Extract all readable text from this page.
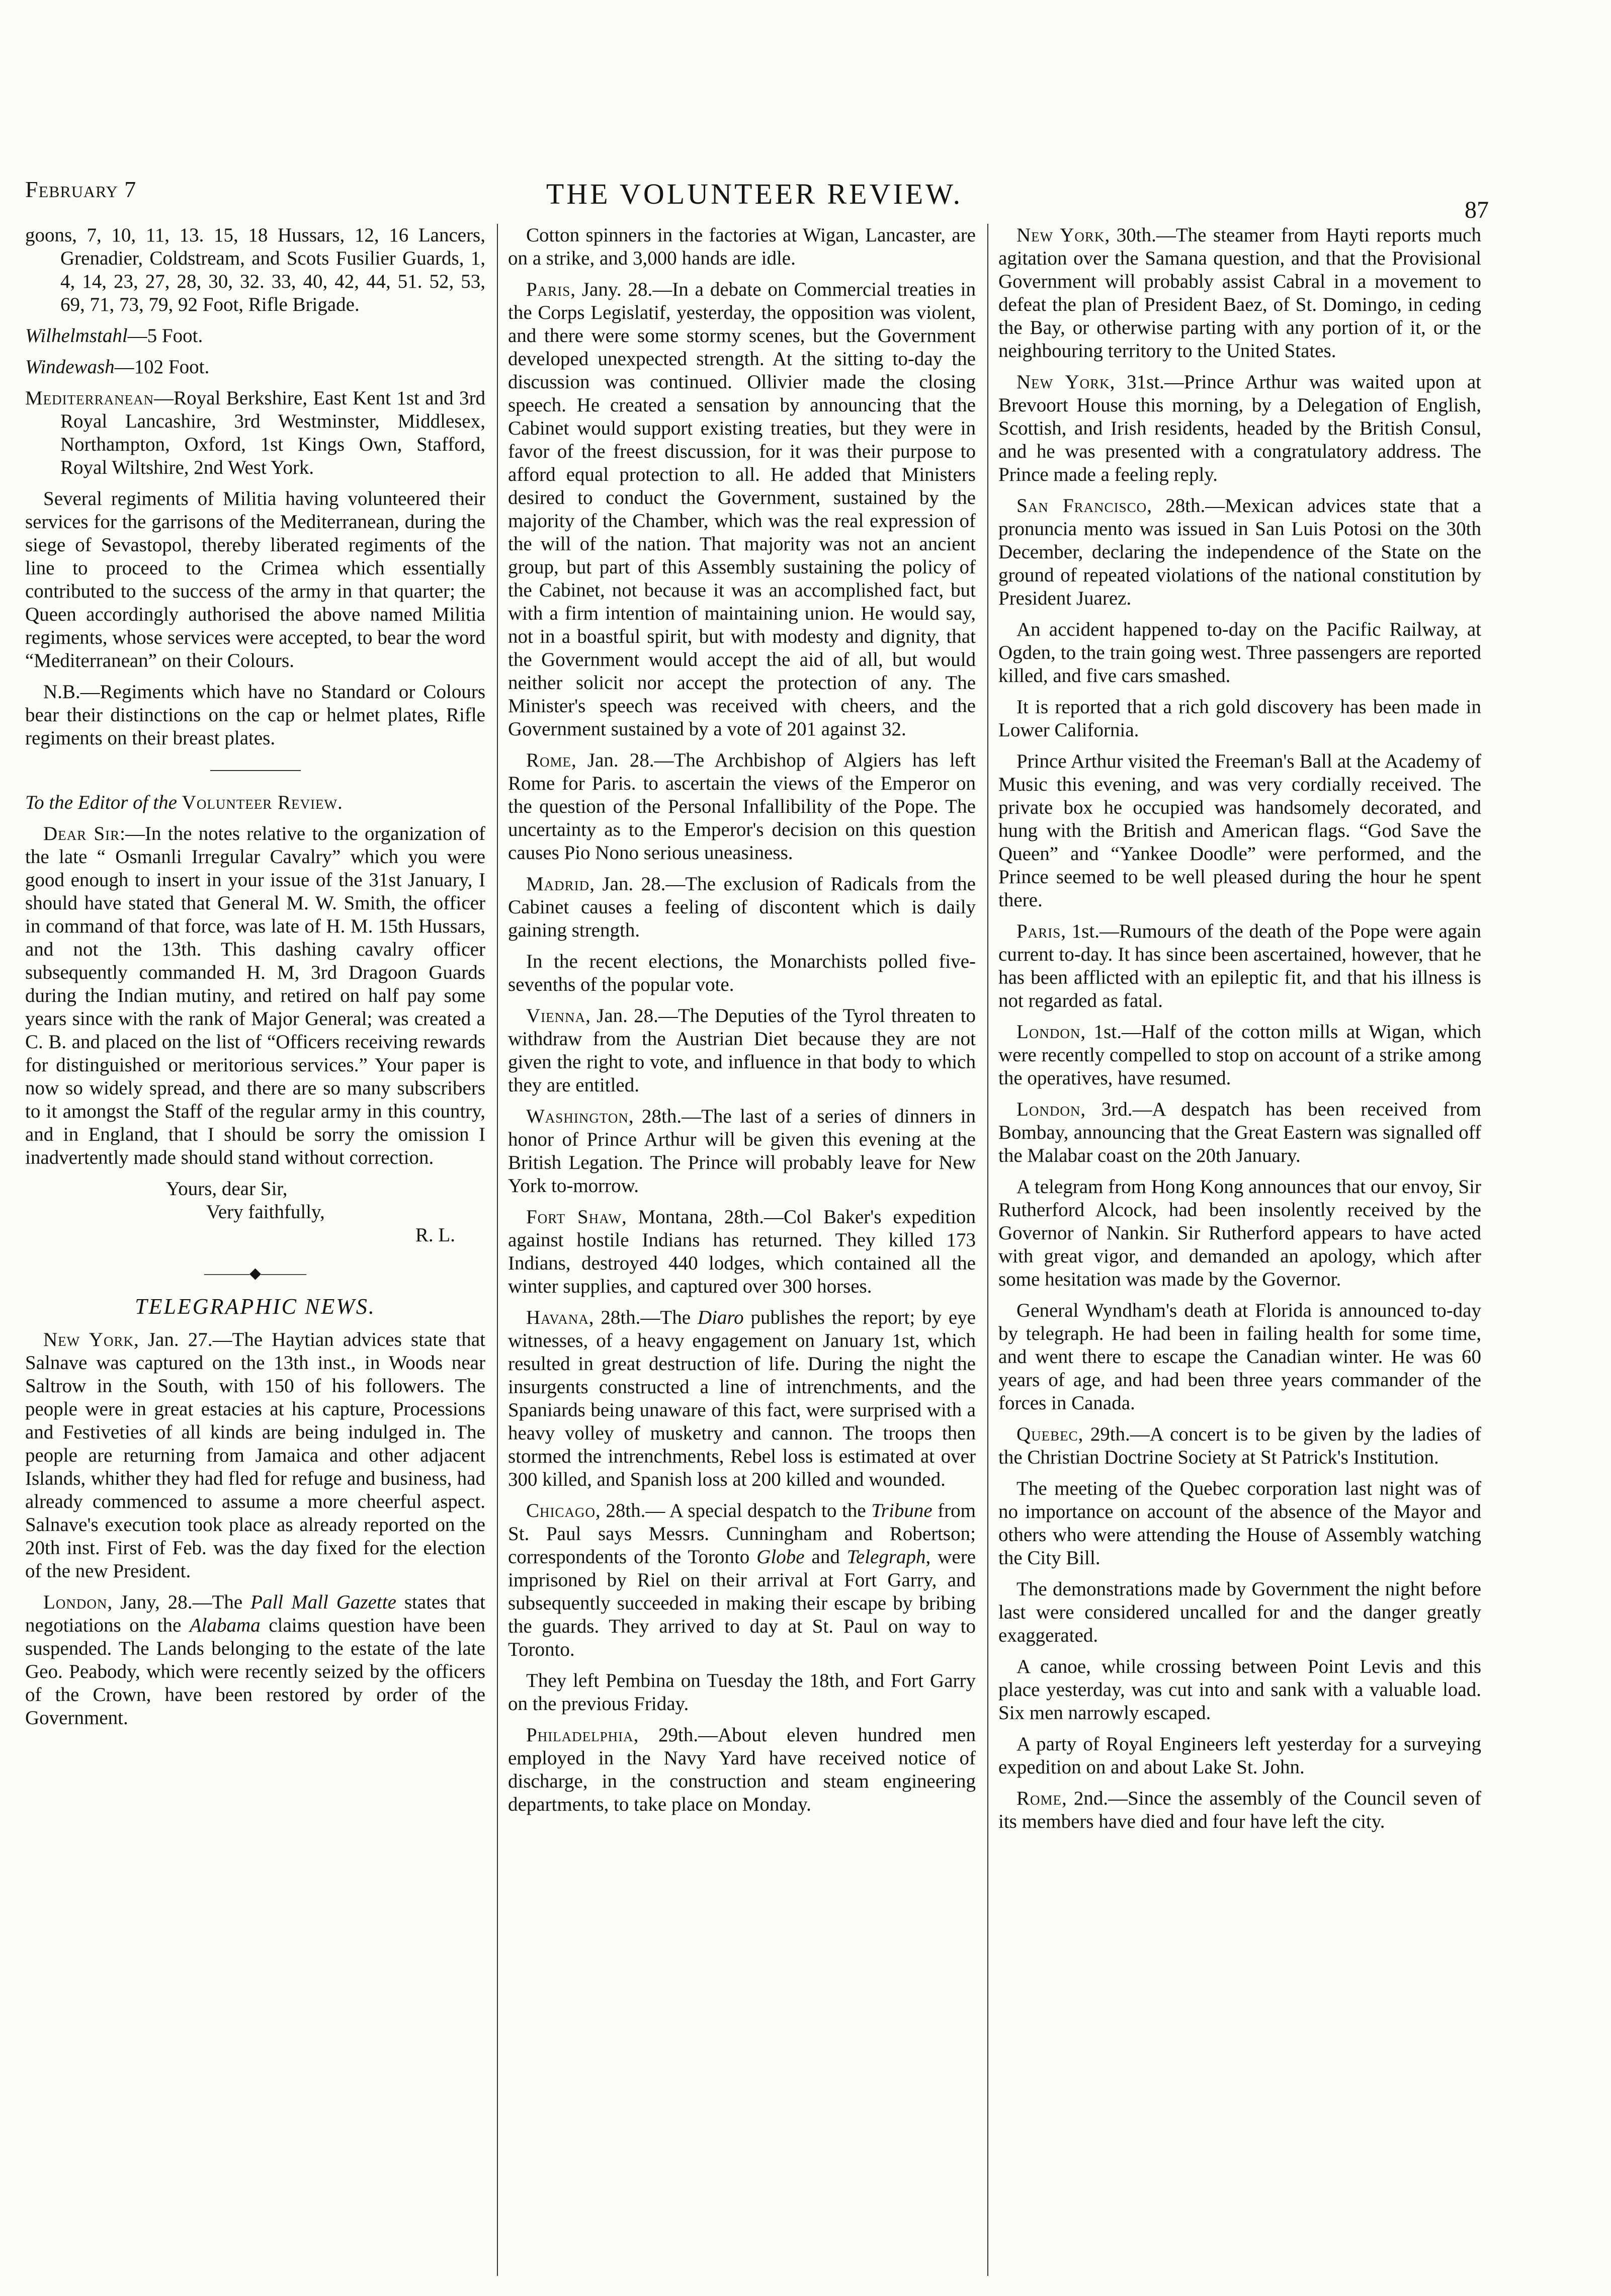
February 7	THE VOLUNTEER REVIEW.	87

goons, 7, 10, 11, 13. 15, 18 Hussars, 12, 16 Lancers, Grenadier, Coldstream, and Scots Fusilier Guards, 1, 4, 14, 23, 27, 28, 30, 32. 33, 40, 42, 44, 51. 52, 53, 69, 71, 73, 79, 92 Foot, Rifle Brigade.

Wilhelmstahl—5 Foot.

Windewash—102 Foot.

Mediterranean—Royal Berkshire, East Kent 1st and 3rd Royal Lancashire, 3rd Westminster, Middlesex, Northampton, Oxford, 1st Kings Own, Stafford, Royal Wiltshire, 2nd West York.

Several regiments of Militia having volunteered their services for the garrisons of the Mediterranean, during the siege of Sevastopol, thereby liberated regiments of the line to proceed to the Crimea which essentially contributed to the success of the army in that quarter; the Queen accordingly authorised the above named Militia regiments, whose services were accepted, to bear the word “Mediterranean” on their Colours.

N.B.—Regiments which have no Standard or Colours bear their distinctions on the cap or helmet plates, Rifle regiments on their breast plates.

To the Editor of the Volunteer Review.

Dear Sir:—In the notes relative to the organization of the late “ Osmanli Irregular Cavalry” which you were good enough to insert in your issue of the 31st January, I should have stated that General M. W. Smith, the officer in command of that force, was late of H. M. 15th Hussars, and not the 13th. This dashing cavalry officer subsequently commanded H. M, 3rd Dragoon Guards during the Indian mutiny, and retired on half pay some years since with the rank of Major General; was created a C. B. and placed on the list of “Officers receiving rewards for distinguished or meritorious services.” Your paper is now so widely spread, and there are so many subscribers to it amongst the Staff of the regular army in this country, and in England, that I should be sorry the omission I inadvertently made should stand without correction.

Yours, dear Sir,

Very faithfully,

R. L.

———◆———
TELEGRAPHIC NEWS.

New York, Jan. 27.—The Haytian advices state that Salnave was captured on the 13th inst., in Woods near Saltrow in the South, with 150 of his followers. The people were in great estacies at his capture, Processions and Festiveties of all kinds are being indulged in. The people are returning from Jamaica and other adjacent Islands, whither they had fled for refuge and business, had already commenced to assume a more cheerful aspect. Salnave's execution took place as already reported on the 20th inst. First of Feb. was the day fixed for the election of the new President.

London, Jany, 28.—The Pall Mall Gazette states that negotiations on the Alabama claims question have been suspended. The Lands belonging to the estate of the late Geo. Peabody, which were recently seized by the officers of the Crown, have been restored by order of the Government.

Cotton spinners in the factories at Wigan, Lancaster, are on a strike, and 3,000 hands are idle.

Paris, Jany. 28.—In a debate on Commercial treaties in the Corps Legislatif, yesterday, the opposition was violent, and there were some stormy scenes, but the Government developed unexpected strength. At the sitting to-day the discussion was continued. Ollivier made the closing speech. He created a sensation by announcing that the Cabinet would support existing treaties, but they were in favor of the freest discussion, for it was their purpose to afford equal protection to all. He added that Ministers desired to conduct the Government, sustained by the majority of the Chamber, which was the real expression of the will of the nation. That majority was not an ancient group, but part of this Assembly sustaining the policy of the Cabinet, not because it was an accomplished fact, but with a firm intention of maintaining union. He would say, not in a boastful spirit, but with modesty and dignity, that the Government would accept the aid of all, but would neither solicit nor accept the protection of any. The Minister's speech was received with cheers, and the Government sustained by a vote of 201 against 32.

Rome, Jan. 28.—The Archbishop of Algiers has left Rome for Paris. to ascertain the views of the Emperor on the question of the Personal Infallibility of the Pope. The uncertainty as to the Emperor's decision on this question causes Pio Nono serious uneasiness.

Madrid, Jan. 28.—The exclusion of Radicals from the Cabinet causes a feeling of discontent which is daily gaining strength.

In the recent elections, the Monarchists polled five-sevenths of the popular vote.

Vienna, Jan. 28.—The Deputies of the Tyrol threaten to withdraw from the Austrian Diet because they are not given the right to vote, and influence in that body to which they are entitled.

Washington, 28th.—The last of a series of dinners in honor of Prince Arthur will be given this evening at the British Legation. The Prince will probably leave for New York to-morrow.

Fort Shaw, Montana, 28th.—Col Baker's expedition against hostile Indians has returned. They killed 173 Indians, destroyed 440 lodges, which contained all the winter supplies, and captured over 300 horses.

Havana, 28th.—The Diaro publishes the report; by eye witnesses, of a heavy engagement on January 1st, which resulted in great destruction of life. During the night the insurgents constructed a line of intrenchments, and the Spaniards being unaware of this fact, were surprised with a heavy volley of musketry and cannon. The troops then stormed the intrenchments, Rebel loss is estimated at over 300 killed, and Spanish loss at 200 killed and wounded.

Chicago, 28th.— A special despatch to the Tribune from St. Paul says Messrs. Cunningham and Robertson; correspondents of the Toronto Globe and Telegraph, were imprisoned by Riel on their arrival at Fort Garry, and subsequently succeeded in making their escape by bribing the guards. They arrived to day at St. Paul on way to Toronto.

They left Pembina on Tuesday the 18th, and Fort Garry on the previous Friday.

Philadelphia, 29th.—About eleven hundred men employed in the Navy Yard have received notice of discharge, in the construction and steam engineering departments, to take place on Monday.

New York, 30th.—The steamer from Hayti reports much agitation over the Samana question, and that the Provisional Government will probably assist Cabral in a movement to defeat the plan of President Baez, of St. Domingo, in ceding the Bay, or otherwise parting with any portion of it, or the neighbouring territory to the United States.

New York, 31st.—Prince Arthur was waited upon at Brevoort House this morning, by a Delegation of English, Scottish, and Irish residents, headed by the British Consul, and he was presented with a congratulatory address. The Prince made a feeling reply.

San Francisco, 28th.—Mexican advices state that a pronuncia mento was issued in San Luis Potosi on the 30th December, declaring the independence of the State on the ground of repeated violations of the national constitution by President Juarez.

An accident happened to-day on the Pacific Railway, at Ogden, to the train going west. Three passengers are reported killed, and five cars smashed.

It is reported that a rich gold discovery has been made in Lower California.

Prince Arthur visited the Freeman's Ball at the Academy of Music this evening, and was very cordially received. The private box he occupied was handsomely decorated, and hung with the British and American flags. “God Save the Queen” and “Yankee Doodle” were performed, and the Prince seemed to be well pleased during the hour he spent there.

Paris, 1st.—Rumours of the death of the Pope were again current to-day. It has since been ascertained, however, that he has been afflicted with an epileptic fit, and that his illness is not regarded as fatal.

London, 1st.—Half of the cotton mills at Wigan, which were recently compelled to stop on account of a strike among the operatives, have resumed.

London, 3rd.—A despatch has been received from Bombay, announcing that the Great Eastern was signalled off the Malabar coast on the 20th January.

A telegram from Hong Kong announces that our envoy, Sir Rutherford Alcock, had been insolently received by the Governor of Nankin. Sir Rutherford appears to have acted with great vigor, and demanded an apology, which after some hesitation was made by the Governor.

General Wyndham's death at Florida is announced to-day by telegraph. He had been in failing health for some time, and went there to escape the Canadian winter. He was 60 years of age, and had been three years commander of the forces in Canada.

Quebec, 29th.—A concert is to be given by the ladies of the Christian Doctrine Society at St Patrick's Institution.

The meeting of the Quebec corporation last night was of no importance on account of the absence of the Mayor and others who were attending the House of Assembly watching the City Bill.

The demonstrations made by Government the night before last were considered uncalled for and the danger greatly exaggerated.

A canoe, while crossing between Point Levis and this place yesterday, was cut into and sank with a valuable load. Six men narrowly escaped.

A party of Royal Engineers left yesterday for a surveying expedition on and about Lake St. John.

Rome, 2nd.—Since the assembly of the Council seven of its members have died and four have left the city.
